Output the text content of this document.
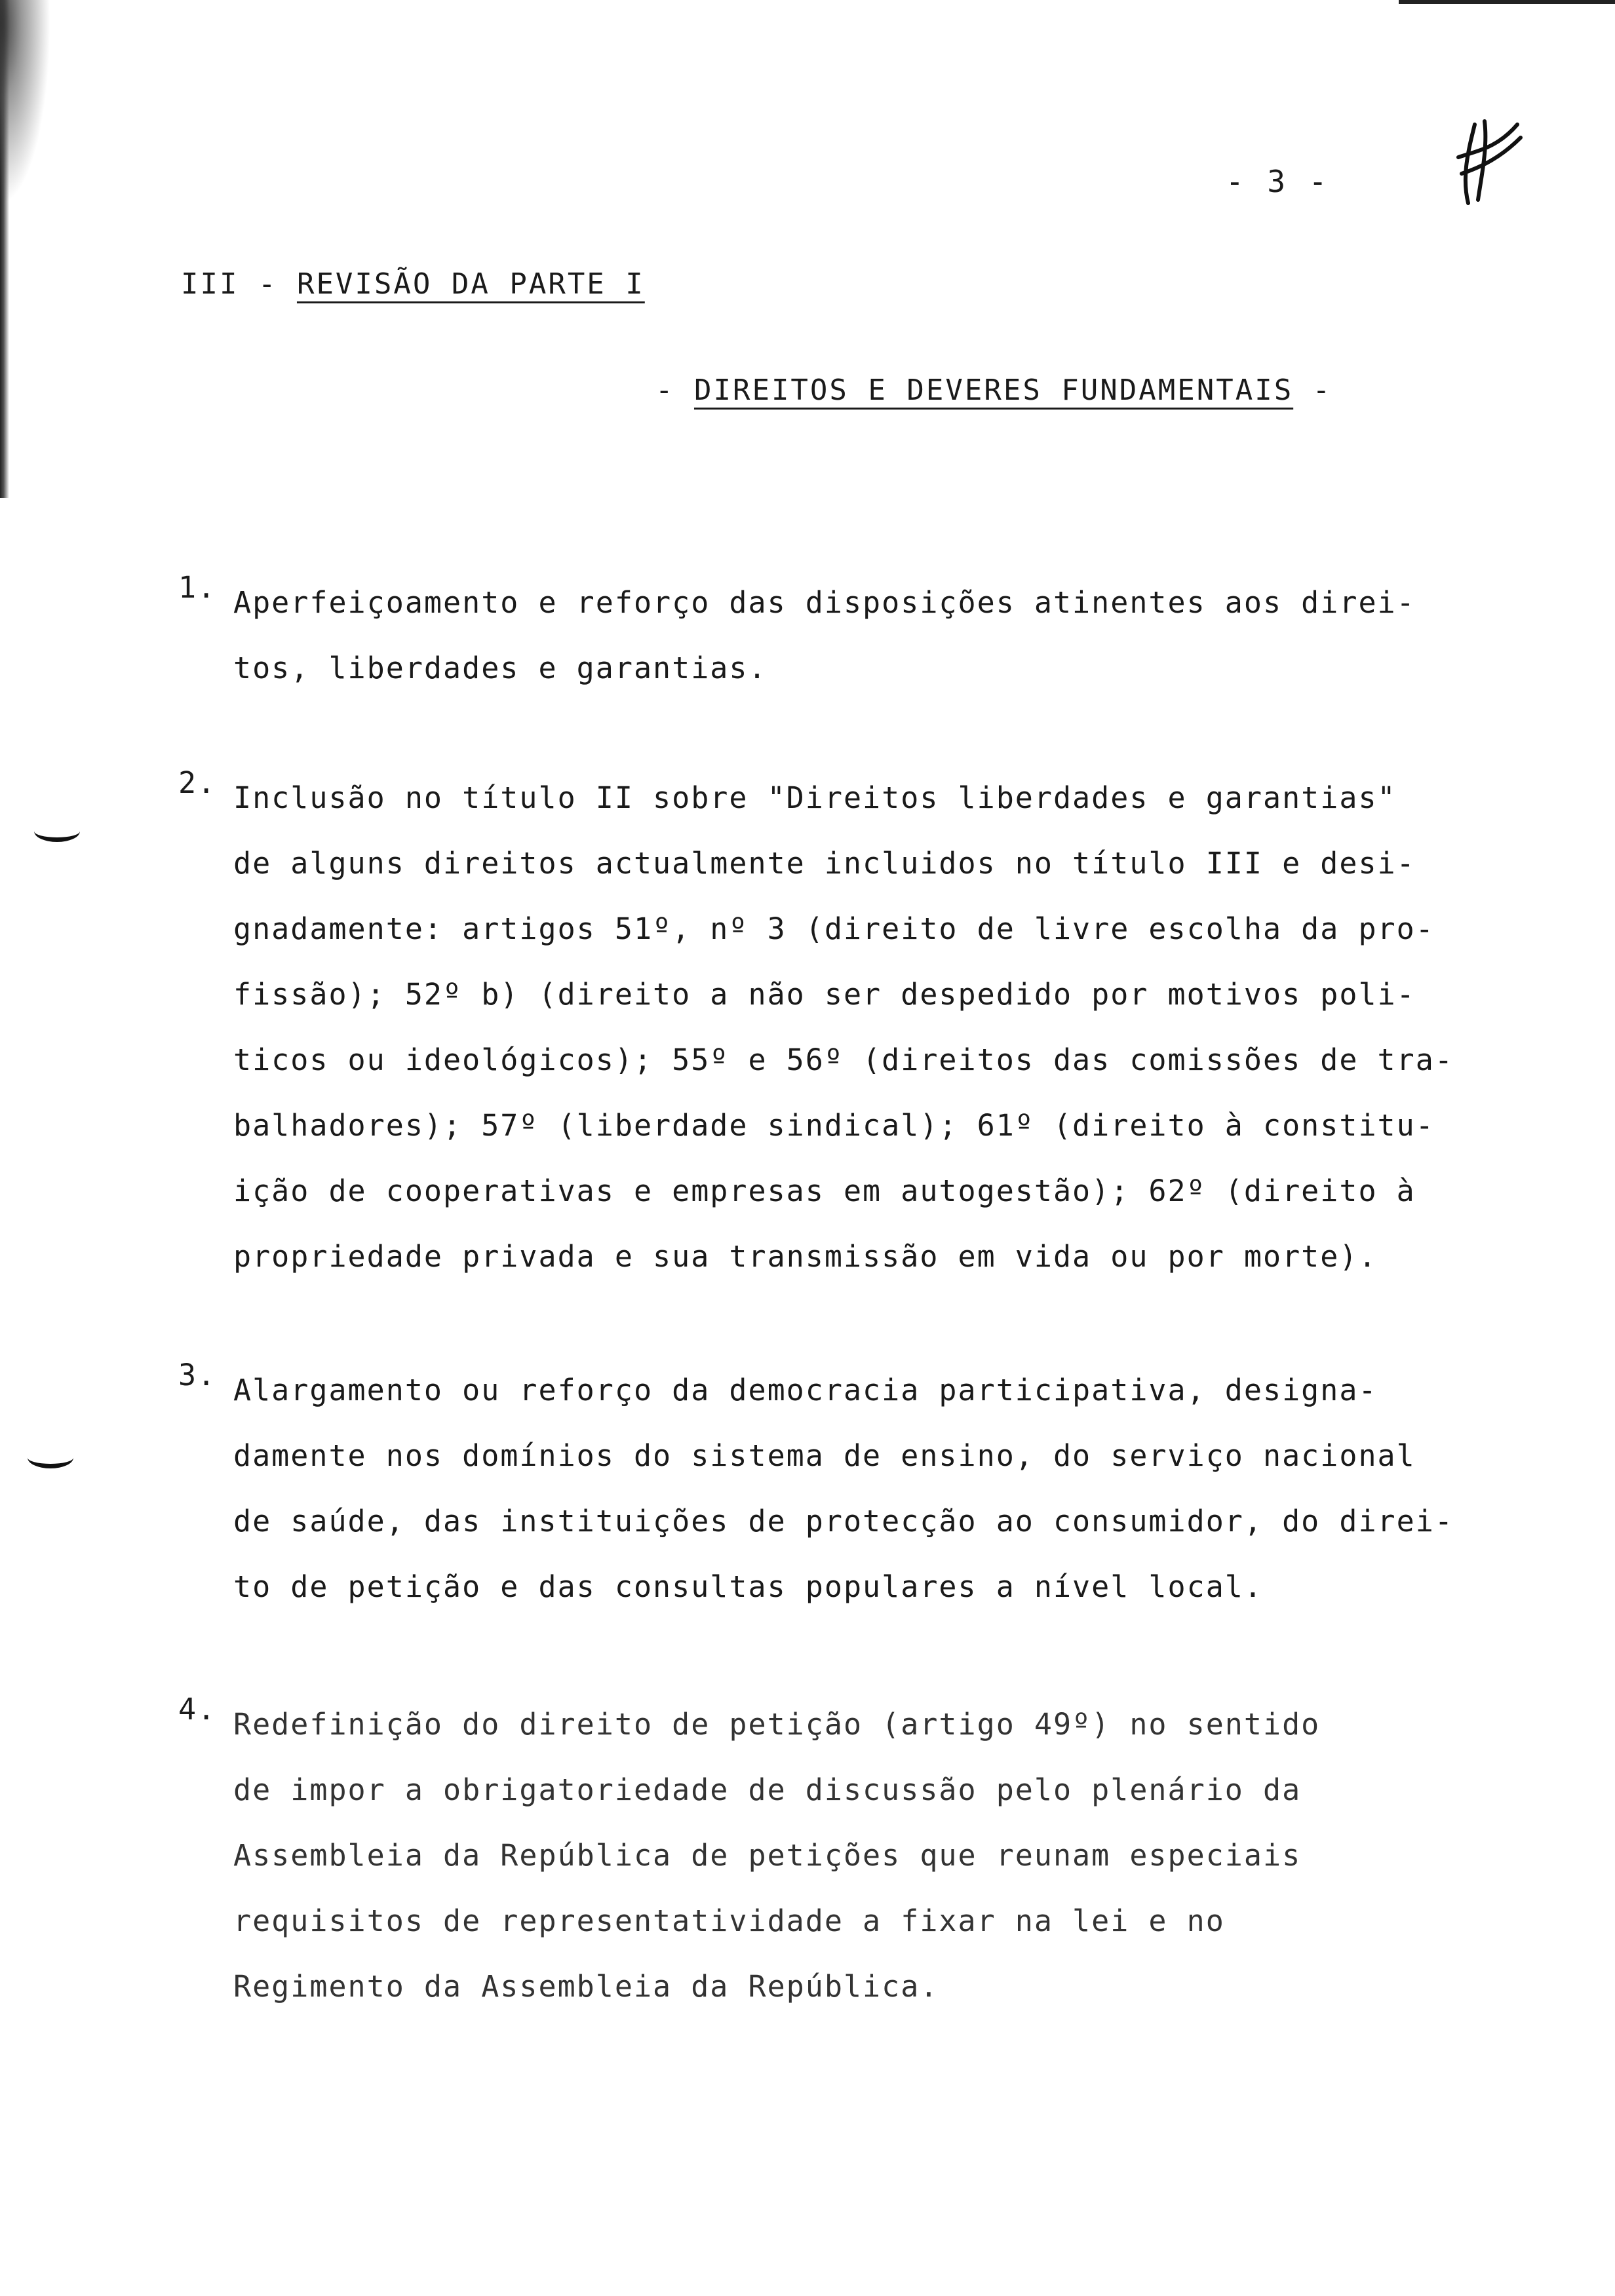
- 3 -
III - REVISÃO DA PARTE I
- DIREITOS E DEVERES FUNDAMENTAIS -
1. Aperfeiçoamento e reforço das disposições atinentes aos direi-
tos, liberdades e garantias.
2. Inclusão no título II sobre "Direitos liberdades e garantias"
de alguns direitos actualmente incluidos no título III e desi-
gnadamente: artigos 51º, nº 3 (direito de livre escolha da pro-
fissão); 52º b) (direito a não ser despedido por motivos poli-
ticos ou ideológicos); 55º e 56º (direitos das comissões de tra-
balhadores); 57º (liberdade sindical); 61º (direito à constitu-
ição de cooperativas e empresas em autogestão); 62º (direito à
propriedade privada e sua transmissão em vida ou por morte).
3. Alargamento ou reforço da democracia participativa, designa-
damente nos domínios do sistema de ensino, do serviço nacional
de saúde, das instituições de protecção ao consumidor, do direi-
to de petição e das consultas populares a nível local.
4. Redefinição do direito de petição (artigo 49º) no sentido
de impor a obrigatoriedade de discussão pelo plenário da
Assembleia da República de petições que reunam especiais
requisitos de representatividade a fixar na lei e no
Regimento da Assembleia da República.
